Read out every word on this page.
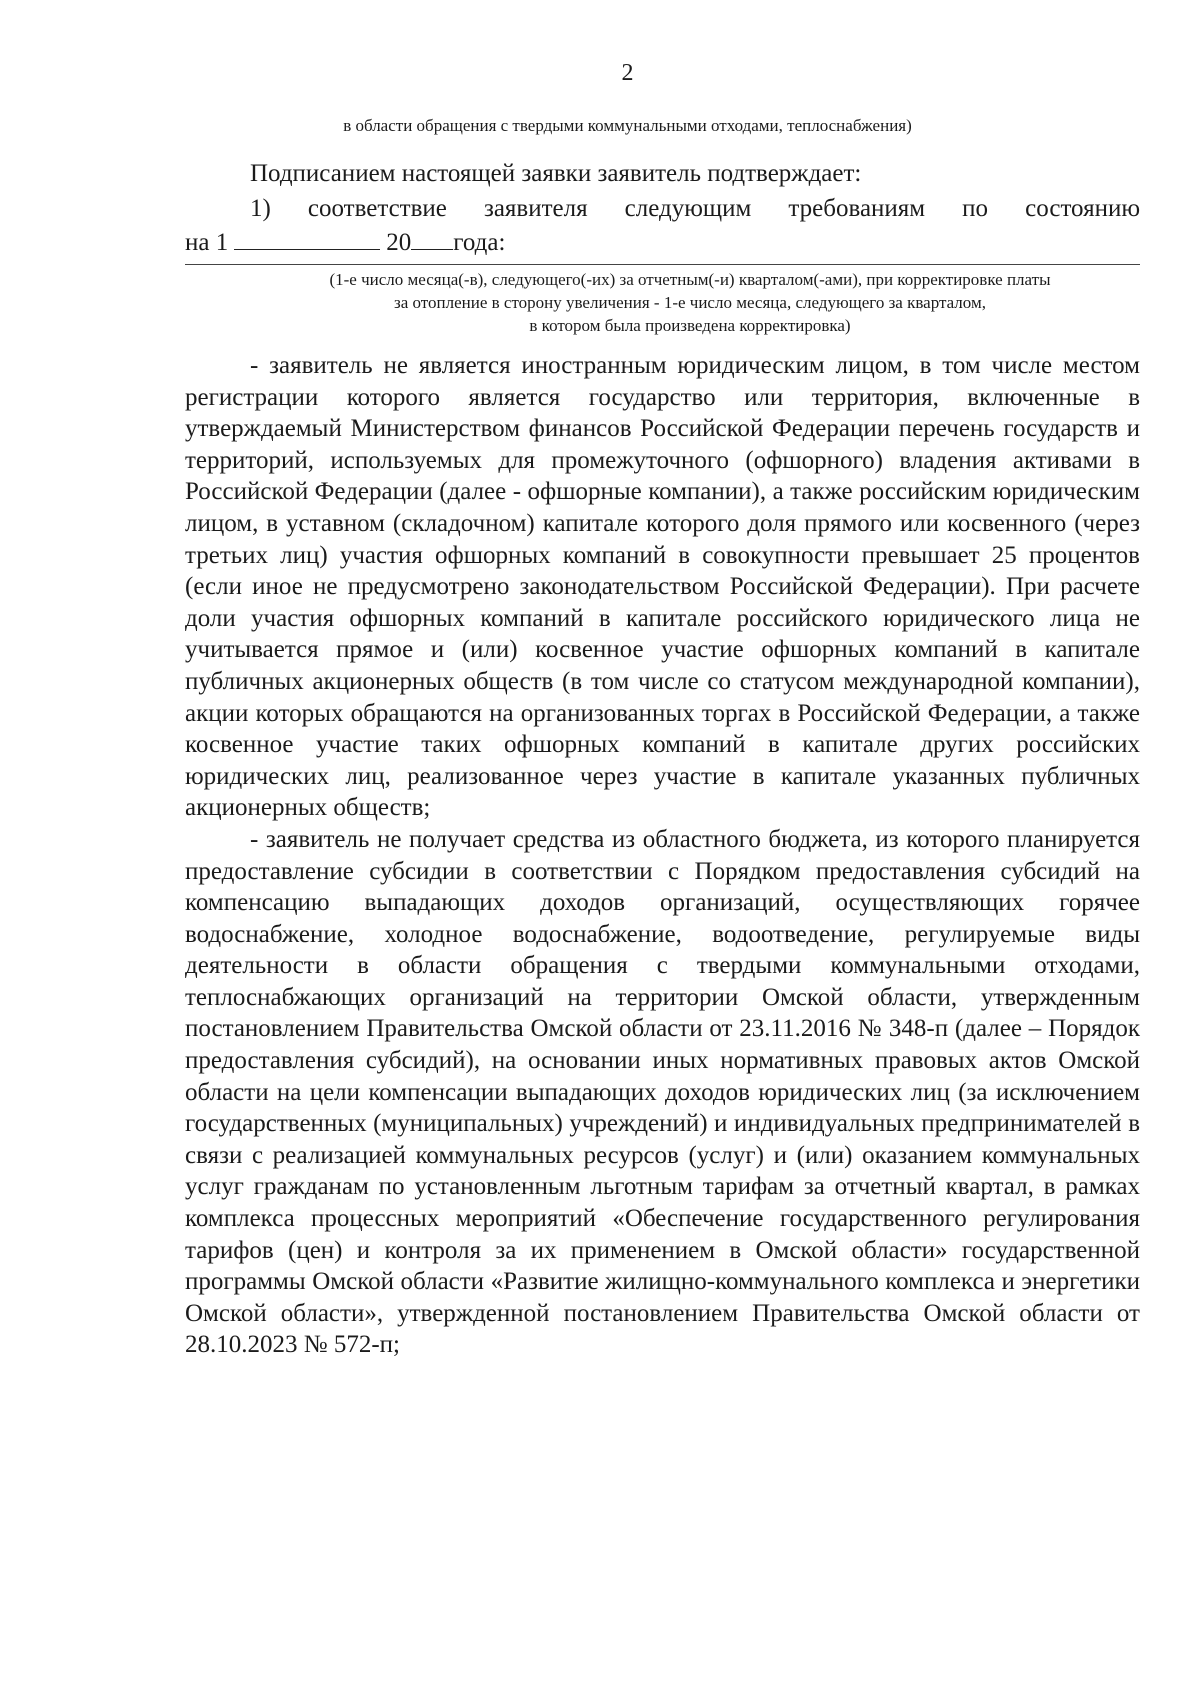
2
в области обращения с твердыми коммунальными отходами, теплоснабжения)
Подписанием настоящей заявки заявитель подтверждает:
1) соответствие заявителя следующим требованиям по состоянию
на 1	20 года:
(1-е число месяца(-в), следующего(-их) за отчетным(-и) кварталом(-ами), при корректировке платы
за отопление в сторону увеличения - 1-е число месяца, следующего за кварталом,
в котором была произведена корректировка)

- заявитель не является иностранным юридическим лицом, в том числе местом регистрации которого является государство или территория, включенные в утверждаемый Министерством финансов Российской Федерации перечень государств и территорий, используемых для промежуточного (офшорного) владения активами в Российской Федерации (далее - офшорные компании), а также российским юридическим лицом, в уставном (складочном) капитале которого доля прямого или косвенного (через третьих лиц) участия офшорных компаний в совокупности превышает 25 процентов (если иное не предусмотрено законодательством Российской Федерации). При расчете доли участия офшорных компаний в капитале российского юридического лица не учитывается прямое и (или) косвенное участие офшорных компаний в капитале публичных акционерных обществ (в том числе со статусом международной компании), акции которых обращаются на организованных торгах в Российской Федерации, а также косвенное участие таких офшорных компаний в капитале других российских юридических лиц, реализованное через участие в капитале указанных публичных акционерных обществ;

- заявитель не получает средства из областного бюджета, из которого планируется предоставление субсидии в соответствии с Порядком предоставления субсидий на компенсацию выпадающих доходов организаций, осуществляющих горячее водоснабжение, холодное водоснабжение, водоотведение, регулируемые виды деятельности в области обращения с твердыми коммунальными отходами, теплоснабжающих организаций на территории Омской области, утвержденным постановлением Правительства Омской области от 23.11.2016 № 348-п (далее – Порядок предоставления субсидий), на основании иных нормативных правовых актов Омской области на цели компенсации выпадающих доходов юридических лиц (за исключением государственных (муниципальных) учреждений) и индивидуальных предпринимателей в связи с реализацией коммунальных ресурсов (услуг) и (или) оказанием коммунальных услуг гражданам по установленным льготным тарифам за отчетный квартал, в рамках комплекса процессных мероприятий «Обеспечение государственного регулирования тарифов (цен) и контроля за их применением в Омской области» государственной программы Омской области «Развитие жилищно-коммунального комплекса и энергетики Омской области», утвержденной постановлением Правительства Омской области от 28.10.2023 № 572-п;
